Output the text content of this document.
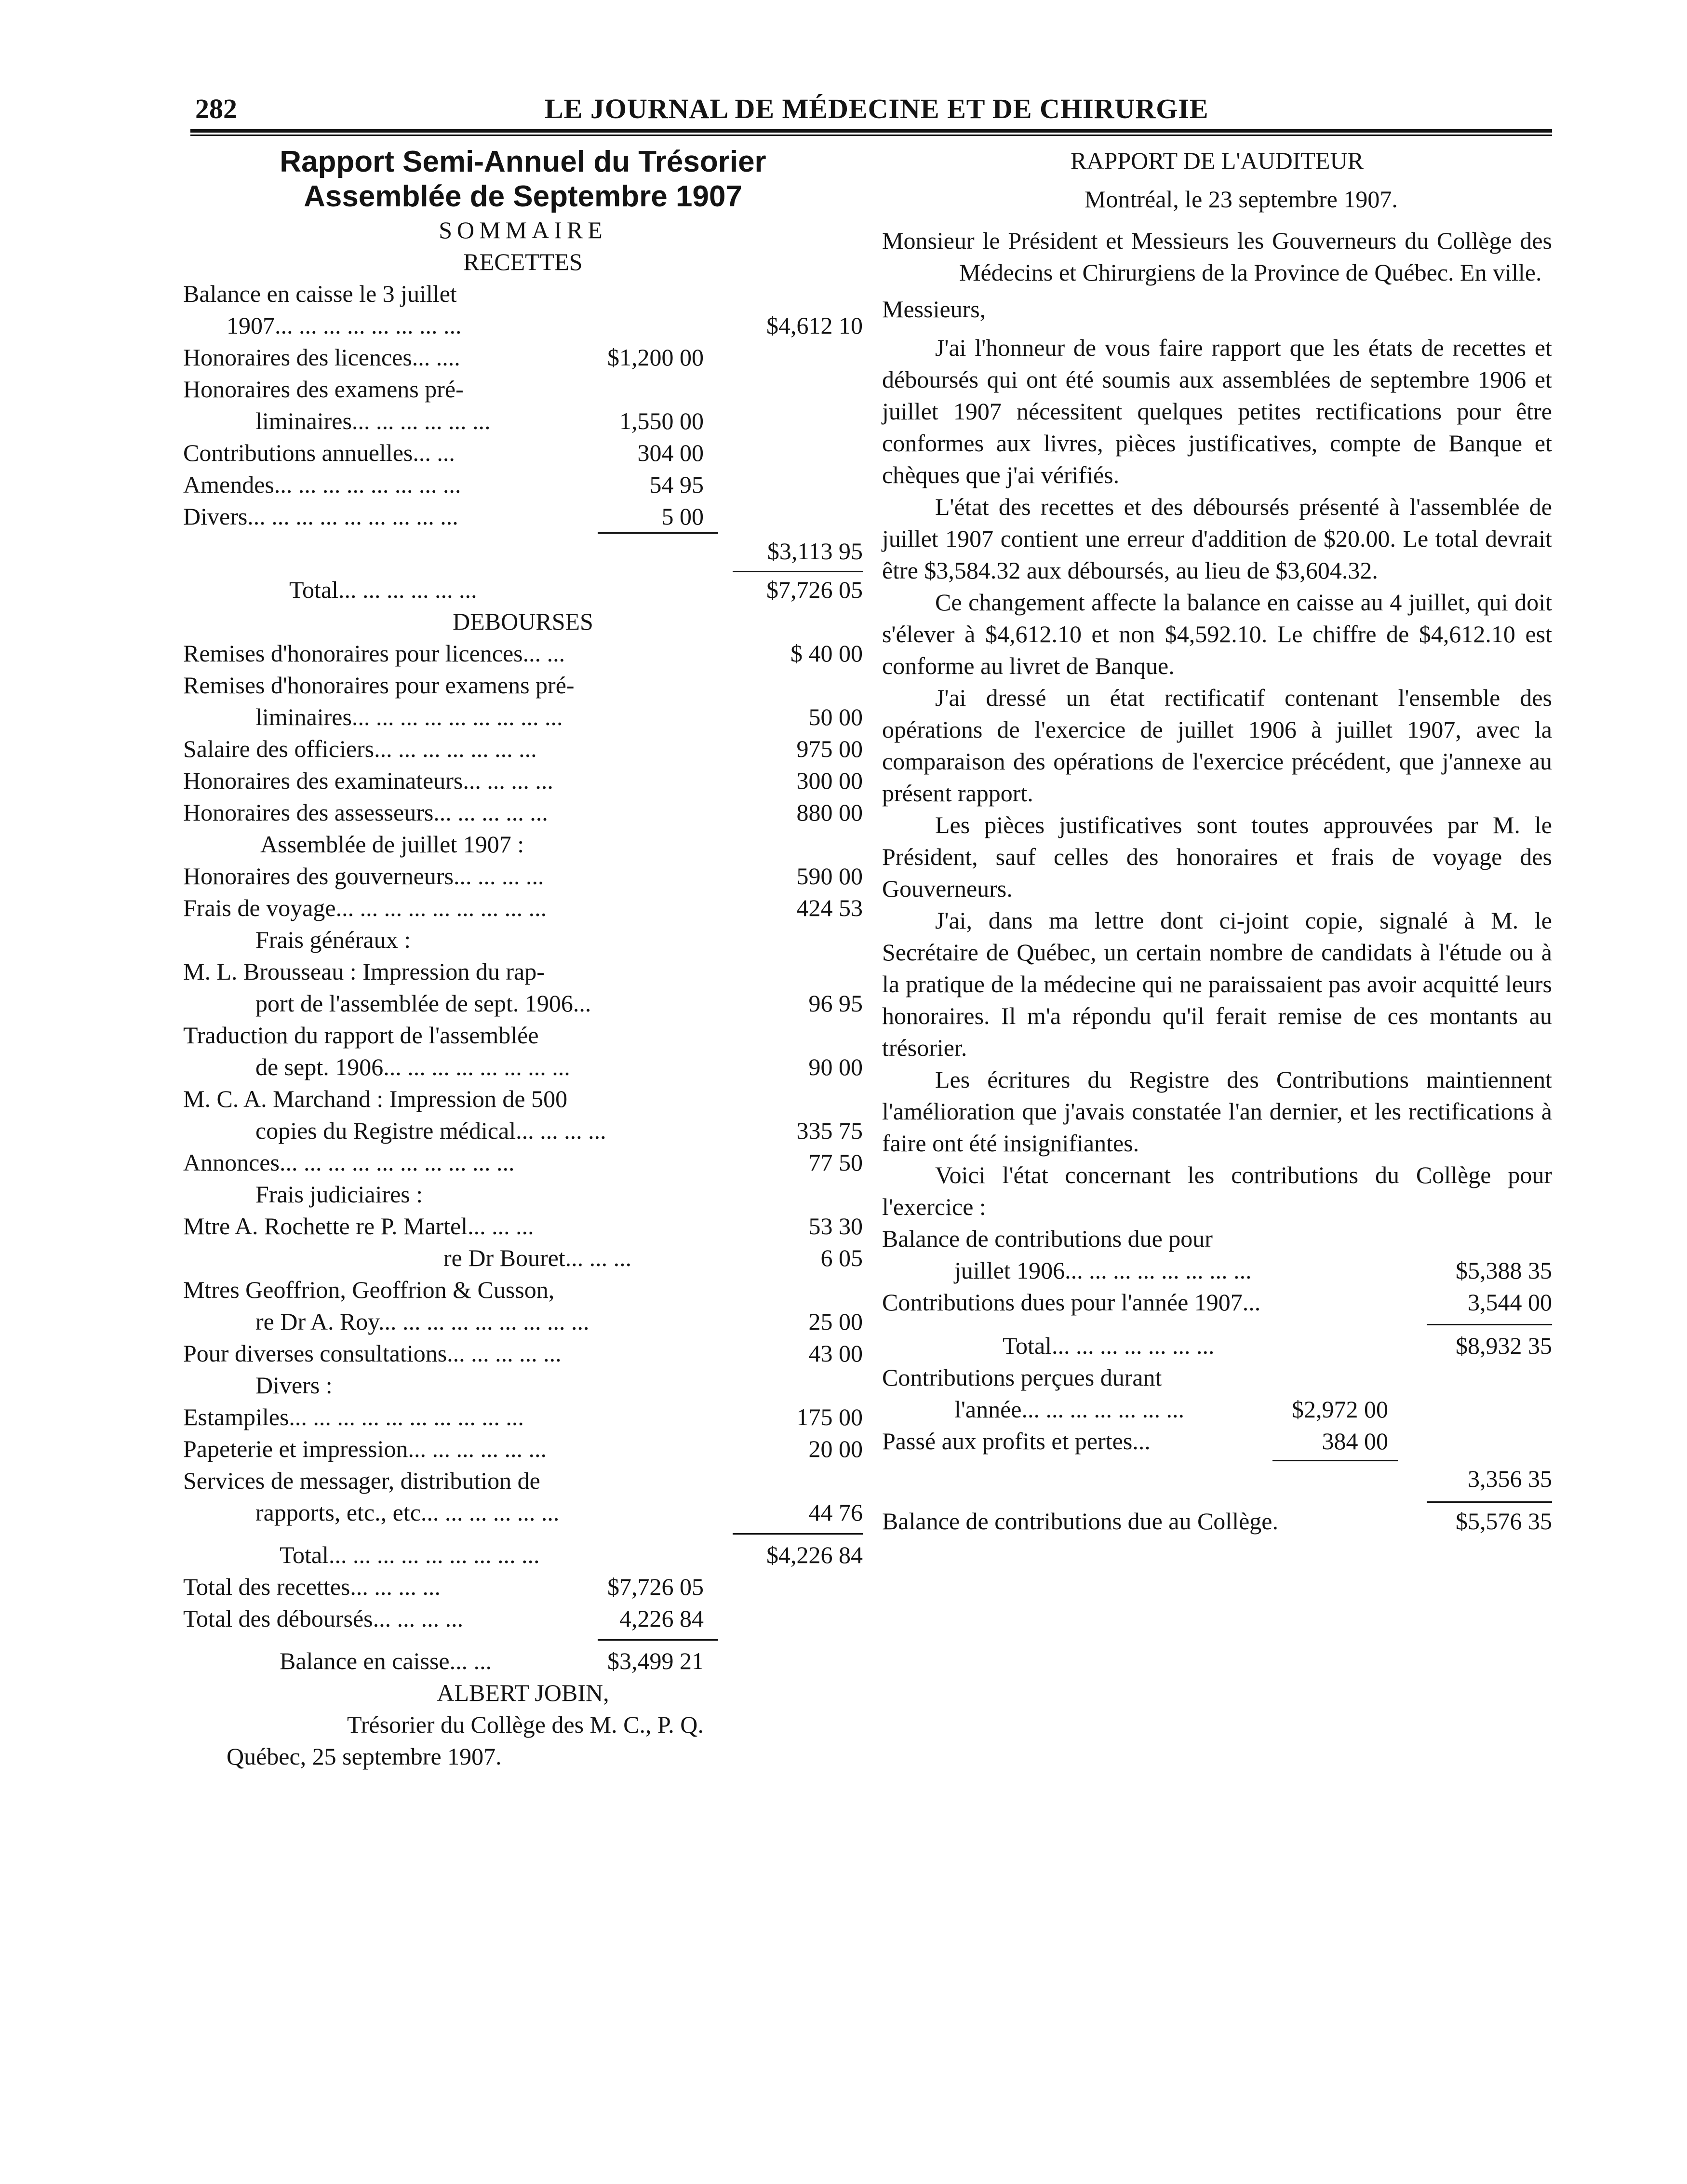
282	LE JOURNAL DE MÉDECINE ET DE CHIRURGIE
Rapport Semi-Annuel du Trésorier
Assemblée de Septembre 1907
SOMMAIRE
RECETTES
Balance en caisse le 3 juillet
1907... ... ... ... ... ... ... ...	$4,612 10
Honoraires des licences... ....	$1,200 00
Honoraires des examens pré-
liminaires... ... ... ... ... ...	1,550 00
Contributions annuelles... ...	304 00
Amendes... ... ... ... ... ... ... ...	54 95
Divers... ... ... ... ... ... ... ... ...	5 00
$3,113 95
Total... ... ... ... ... ...	$7,726 05
DEBOURSES
Remises d'honoraires pour licences... ...	$ 40 00
Remises d'honoraires pour examens pré-
liminaires... ... ... ... ... ... ... ... ...	50 00
Salaire des officiers... ... ... ... ... ... ...	975 00
Honoraires des examinateurs... ... ... ...	300 00
Honoraires des assesseurs... ... ... ... ...	880 00
Assemblée de juillet 1907 :
Honoraires des gouverneurs... ... ... ...	590 00
Frais de voyage... ... ... ... ... ... ... ... ...	424 53
Frais généraux :
M. L. Brousseau : Impression du rap-
port de l'assemblée de sept. 1906...	96 95
Traduction du rapport de l'assemblée
de sept. 1906... ... ... ... ... ... ... ...	90 00
M. C. A. Marchand : Impression de 500
copies du Registre médical... ... ... ...	335 75
Annonces... ... ... ... ... ... ... ... ... ...	77 50
Frais judiciaires :
Mtre A. Rochette re P. Martel... ... ...	53 30
re Dr Bouret... ... ...	6 05
Mtres Geoffrion, Geoffrion & Cusson,
re Dr A. Roy... ... ... ... ... ... ... ... ...	25 00
Pour diverses consultations... ... ... ... ...	43 00
Divers :
Estampiles... ... ... ... ... ... ... ... ... ...	175 00
Papeterie et impression... ... ... ... ... ...	20 00
Services de messager, distribution de
rapports, etc., etc... ... ... ... ... ...	44 76
Total... ... ... ... ... ... ... ... ...	$4,226 84
Total des recettes... ... ... ...	$7,726 05
Total des déboursés... ... ... ...	4,226 84
Balance en caisse... ...	$3,499 21
ALBERT JOBIN,
Trésorier du Collège des M. C., P. Q.
Québec, 25 septembre 1907.
RAPPORT DE L'AUDITEUR
Montréal, le 23 septembre 1907.

Monsieur le Président et Messieurs les Gouverneurs du Collège des Médecins et Chirurgiens de la Province de Québec. En ville.

Messieurs,

J'ai l'honneur de vous faire rapport que les états de recettes et déboursés qui ont été soumis aux assemblées de septembre 1906 et juillet 1907 nécessitent quelques petites rectifications pour être conformes aux livres, pièces justificatives, compte de Banque et chèques que j'ai vérifiés.

L'état des recettes et des déboursés présenté à l'assemblée de juillet 1907 contient une erreur d'addition de $20.00. Le total devrait être $3,584.32 aux déboursés, au lieu de $3,604.32.

Ce changement affecte la balance en caisse au 4 juillet, qui doit s'élever à $4,612.10 et non $4,592.10. Le chiffre de $4,612.10 est conforme au livret de Banque.

J'ai dressé un état rectificatif contenant l'ensemble des opérations de l'exercice de juillet 1906 à juillet 1907, avec la comparaison des opérations de l'exercice précédent, que j'annexe au présent rapport.

Les pièces justificatives sont toutes approuvées par M. le Président, sauf celles des honoraires et frais de voyage des Gouverneurs.

J'ai, dans ma lettre dont ci-joint copie, signalé à M. le Secrétaire de Québec, un certain nombre de candidats à l'étude ou à la pratique de la médecine qui ne paraissaient pas avoir acquitté leurs honoraires. Il m'a répondu qu'il ferait remise de ces montants au trésorier.

Les écritures du Registre des Contributions maintiennent l'amélioration que j'avais constatée l'an dernier, et les rectifications à faire ont été insignifiantes.

Voici l'état concernant les contributions du Collège pour l'exercice :

Balance de contributions due pour
juillet 1906... ... ... ... ... ... ... ...	$5,388 35
Contributions dues pour l'année 1907...	3,544 00
Total... ... ... ... ... ... ...	$8,932 35
Contributions perçues durant
l'année... ... ... ... ... ... ...	$2,972 00
Passé aux profits et pertes...	384 00
3,356 35
Balance de contributions due au Collège.	$5,576 35
